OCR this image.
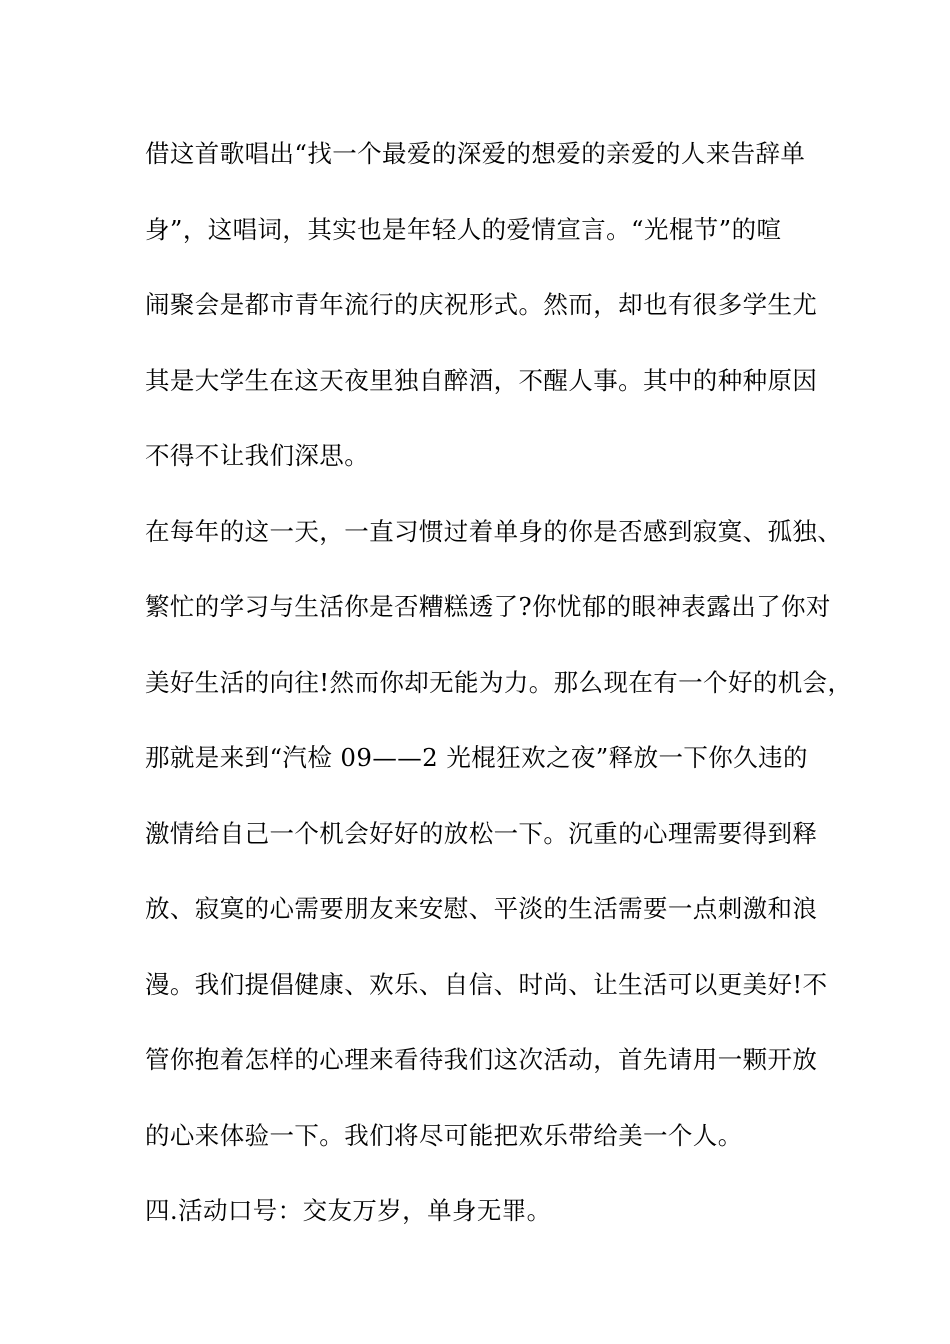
借这首歌唱出“找一个最爱的深爱的想爱的亲爱的人来告辞单
身”，这唱词，其实也是年轻人的爱情宣言。“光棍节”的喧
闹聚会是都市青年流行的庆祝形式。然而，却也有很多学生尤
其是大学生在这天夜里独自醉酒，不醒人事。其中的种种原因
不得不让我们深思。
在每年的这一天，一直习惯过着单身的你是否感到寂寞、孤独、
繁忙的学习与生活你是否糟糕透了?你忧郁的眼神表露出了你对
美好生活的向往!然而你却无能为力。那么现在有一个好的机会，
那就是来到“汽检 09——2 光棍狂欢之夜”释放一下你久违的
激情给自己一个机会好好的放松一下。沉重的心理需要得到释
放、寂寞的心需要朋友来安慰、平淡的生活需要一点刺激和浪
漫。我们提倡健康、欢乐、自信、时尚、让生活可以更美好!不
管你抱着怎样的心理来看待我们这次活动，首先请用一颗开放
的心来体验一下。我们将尽可能把欢乐带给美一个人。
四.活动口号：交友万岁，单身无罪。
